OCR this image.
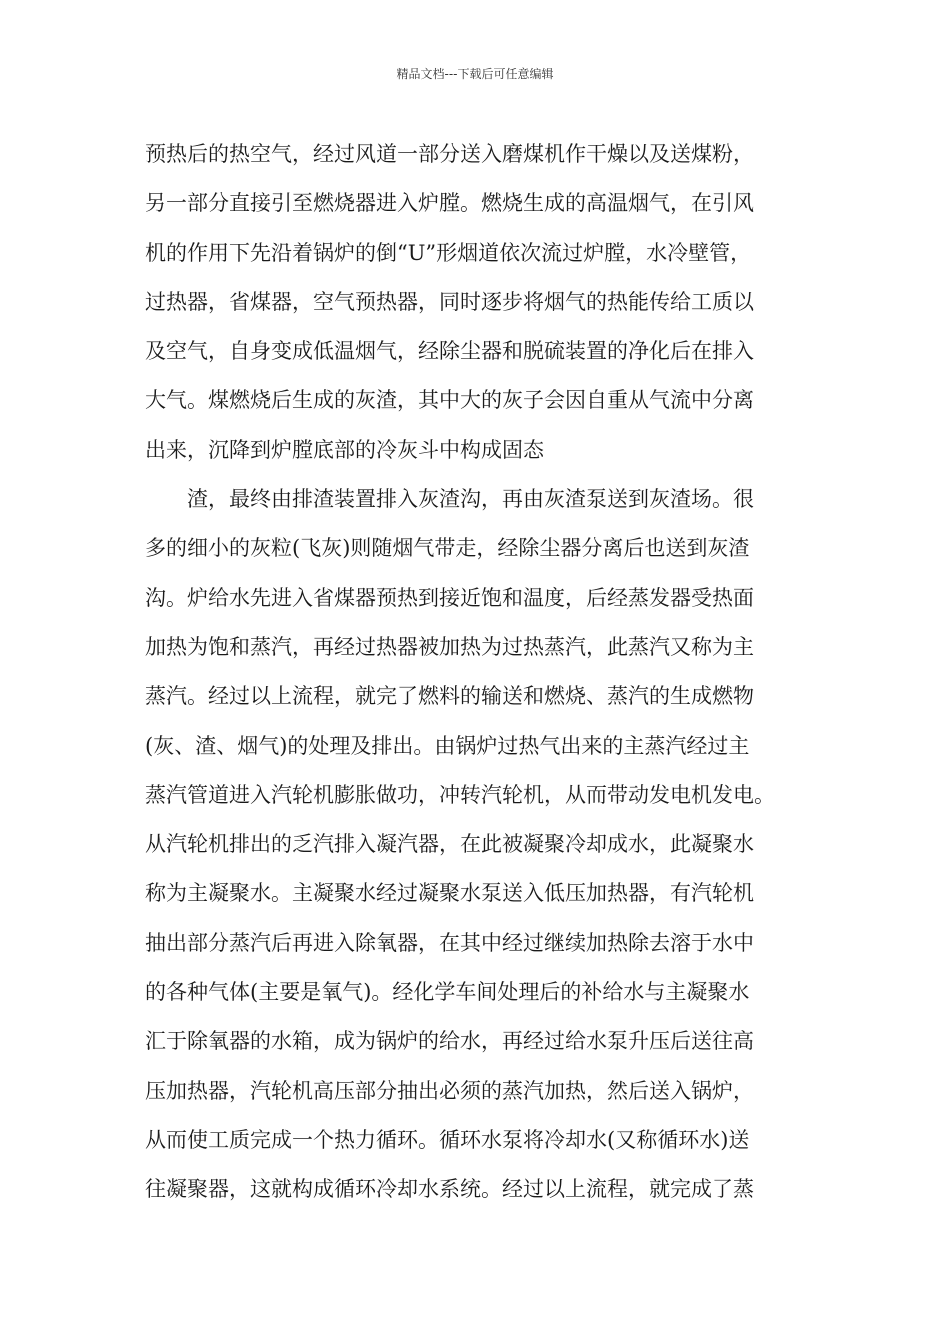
精品文档---下载后可任意编辑
预热后的热空气，经过风道一部分送入磨煤机作干燥以及送煤粉，
另一部分直接引至燃烧器进入炉膛。燃烧生成的高温烟气，在引风
机的作用下先沿着锅炉的倒“U”形烟道依次流过炉膛，水冷壁管，
过热器，省煤器，空气预热器，同时逐步将烟气的热能传给工质以
及空气，自身变成低温烟气，经除尘器和脱硫装置的净化后在排入
大气。煤燃烧后生成的灰渣，其中大的灰子会因自重从气流中分离
出来，沉降到炉膛底部的冷灰斗中构成固态
渣，最终由排渣装置排入灰渣沟，再由灰渣泵送到灰渣场。很
多的细小的灰粒(飞灰)则随烟气带走，经除尘器分离后也送到灰渣
沟。炉给水先进入省煤器预热到接近饱和温度，后经蒸发器受热面
加热为饱和蒸汽，再经过热器被加热为过热蒸汽，此蒸汽又称为主
蒸汽。经过以上流程，就完了燃料的输送和燃烧、蒸汽的生成燃物
(灰、渣、烟气)的处理及排出。由锅炉过热气出来的主蒸汽经过主
蒸汽管道进入汽轮机膨胀做功，冲转汽轮机，从而带动发电机发电。
从汽轮机排出的乏汽排入凝汽器，在此被凝聚冷却成水，此凝聚水
称为主凝聚水。主凝聚水经过凝聚水泵送入低压加热器，有汽轮机
抽出部分蒸汽后再进入除氧器，在其中经过继续加热除去溶于水中
的各种气体(主要是氧气)。经化学车间处理后的补给水与主凝聚水
汇于除氧器的水箱，成为锅炉的给水，再经过给水泵升压后送往高
压加热器，汽轮机高压部分抽出必须的蒸汽加热，然后送入锅炉，
从而使工质完成一个热力循环。循环水泵将冷却水(又称循环水)送
往凝聚器，这就构成循环冷却水系统。经过以上流程，就完成了蒸
